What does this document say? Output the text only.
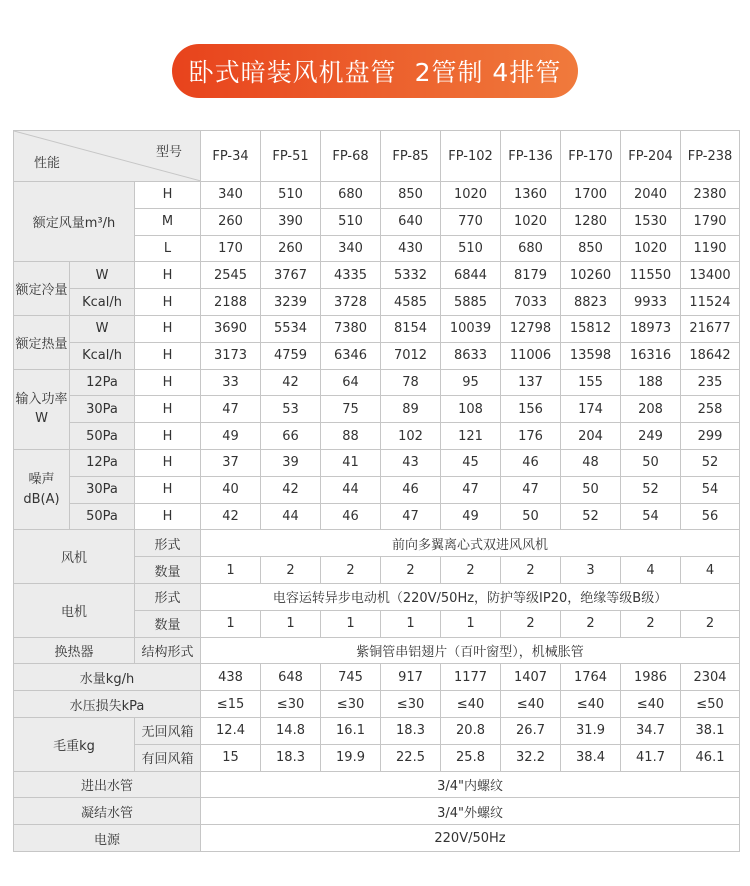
卧式暗装风机盘管  2管制 4排管
型号
性能			FP-34	FP-51	FP-68	FP-85	FP-102	FP-136	FP-170	FP-204	FP-238
额定风量m³/h		H	340	510	680	850	1020	1360	1700	2040	2380
		M	260	390	510	640	770	1020	1280	1530	1790
		L	170	260	340	430	510	680	850	1020	1190
额定冷量	W	H	2545	3767	4335	5332	6844	8179	10260	11550	13400
	Kcal/h	H	2188	3239	3728	4585	5885	7033	8823	9933	11524
额定热量	W	H	3690	5534	7380	8154	10039	12798	15812	18973	21677
	Kcal/h	H	3173	4759	6346	7012	8633	11006	13598	16316	18642

输入功率
W	12Pa	H	33	42	64	78	95	137	155	188	235
	30Pa	H	47	53	75	89	108	156	174	208	258
	50Pa	H	49	66	88	102	121	176	204	249	299

噪声
dB(A)	12Pa	H	37	39	41	43	45	46	48	50	52
	30Pa	H	40	42	44	46	47	47	50	52	54
	50Pa	H	42	44	46	47	49	50	52	54	56
风机		形式	前向多翼离心式双进风风机								
		数量	1	2	2	2	2	2	3	4	4
电机		形式	电容运转异步电动机（220V/50Hz，防护等级IP20，绝缘等级B级）								
		数量	1	1	1	1	1	2	2	2	2
换热器		结构形式	紫铜管串铝翅片（百叶窗型），机械胀管								
水量kg/h			438	648	745	917	1177	1407	1764	1986	2304
水压损失kPa			≤15	≤30	≤30	≤30	≤40	≤40	≤40	≤40	≤50
毛重kg		无回风箱	12.4	14.8	16.1	18.3	20.8	26.7	31.9	34.7	38.1
		有回风箱	15	18.3	19.9	22.5	25.8	32.2	38.4	41.7	46.1
进出水管			3/4"内螺纹								
凝结水管			3/4"外螺纹								
电源			220V/50Hz								
